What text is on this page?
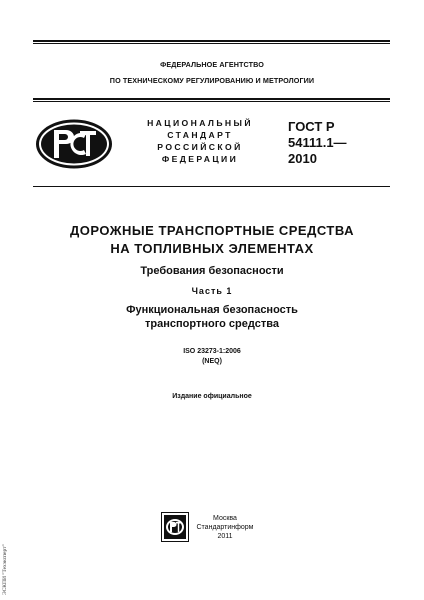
ФЕДЕРАЛЬНОЕ АГЕНТСТВО
ПО ТЕХНИЧЕСКОМУ РЕГУЛИРОВАНИЮ И МЕТРОЛОГИИ
НАЦИОНАЛЬНЫЙ
СТАНДАРТ
РОССИЙСКОЙ
ФЕДЕРАЦИИ
ГОСТ Р
54111.1—
2010
ДОРОЖНЫЕ ТРАНСПОРТНЫЕ СРЕДСТВА
НА ТОПЛИВНЫХ ЭЛЕМЕНТАХ
Требования безопасности
Часть 1
Функциональная безопасность
транспортного средства
ISO 23273-1:2006
(NEQ)
Издание официальное
Москва
Стандартинформ
2011
ЭСКПИ "Техэксперт"
